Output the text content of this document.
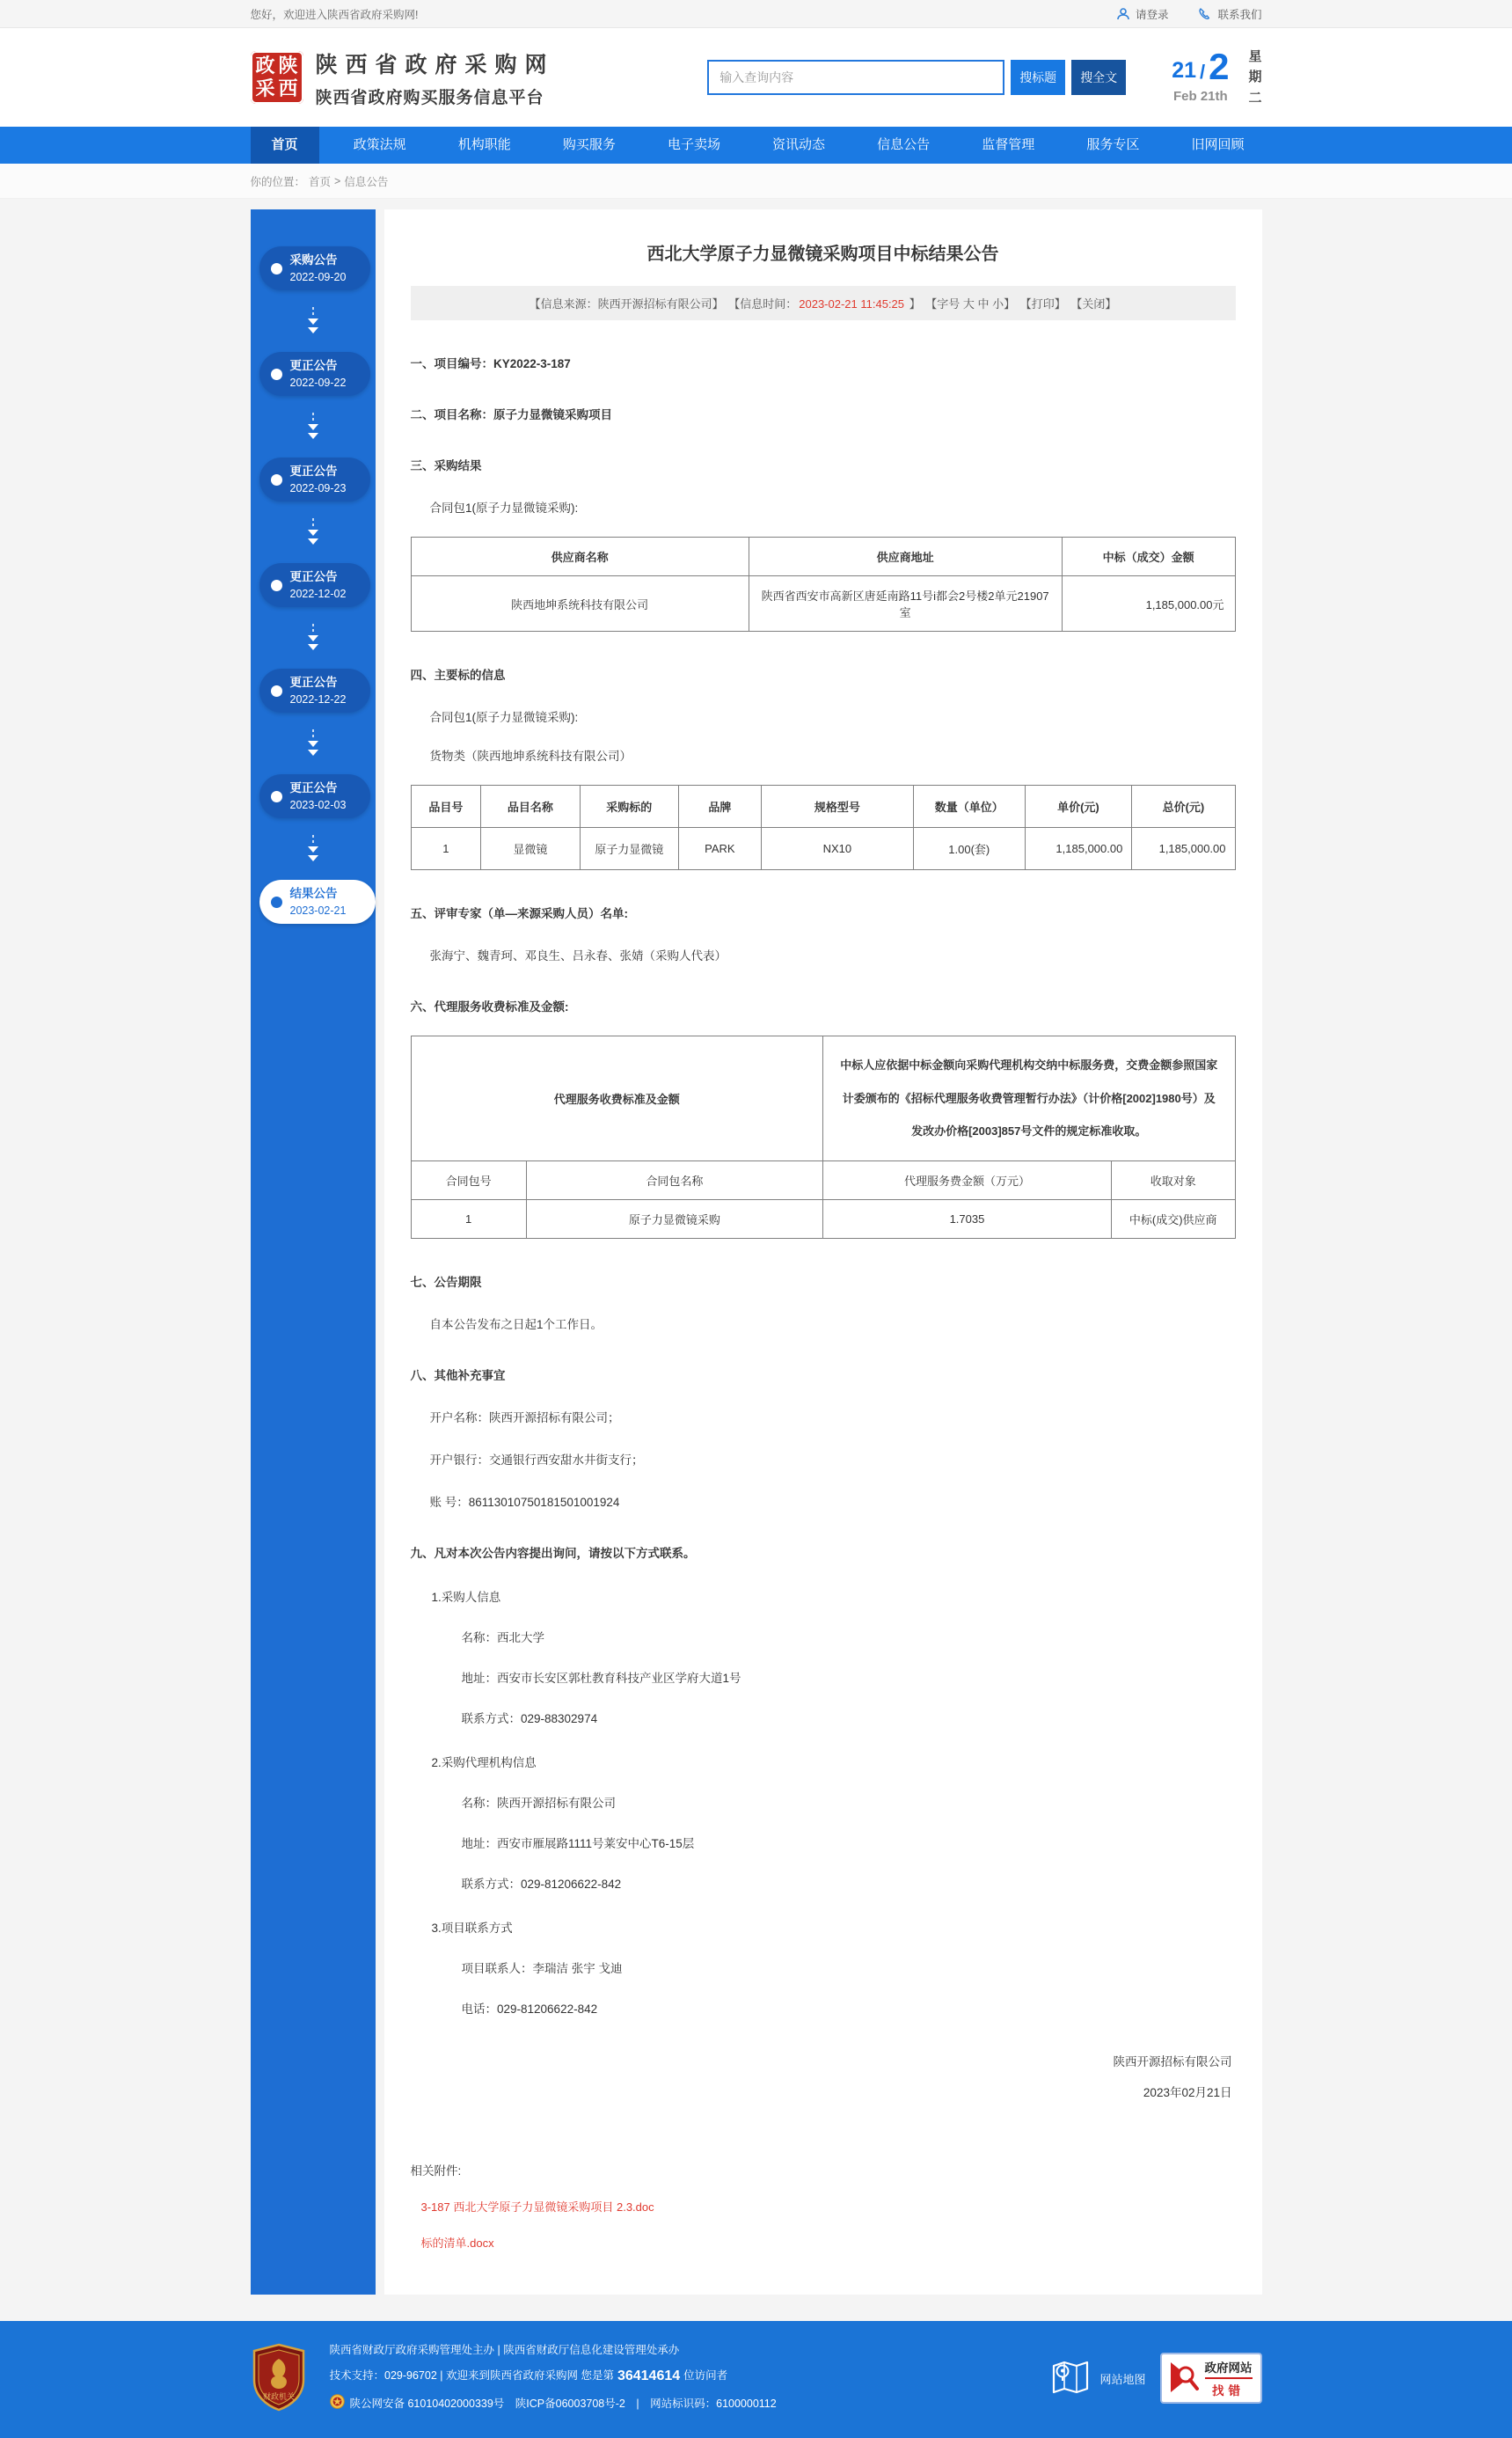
您好，欢迎进入陕西省政府采购网!	请登录	联系我们
政 陕
采 西
陕西省政府采购网
陕西省政府购买服务信息平台
输入查询内容
搜标题	搜全文	21 / 2
Feb 21th
星
期
二
首页	政策法规	机构职能	购买服务	电子卖场	资讯动态	信息公告	监督管理	服务专区	旧网回顾
你的位置： 首页 > 信息公告
采购公告
2022-09-20
更正公告
2022-09-22
更正公告
2022-09-23
更正公告
2022-12-02
更正公告
2022-12-22
更正公告
2023-02-03
结果公告
2023-02-21
西北大学原子力显微镜采购项目中标结果公告
【信息来源：陕西开源招标有限公司】 【信息时间： 2023-02-21 11:45:25 】 【字号 大 中 小】 【打印】 【关闭】
一、项目编号：KY2022-3-187
二、项目名称：原子力显微镜采购项目
三、采购结果
合同包1(原子力显微镜采购):
供应商名称	供应商地址	中标（成交）金额
陕西地坤系统科技有限公司	陕西省西安市高新区唐延南路11号i都会2号楼2单元21907室	1,185,000.00元
四、主要标的信息
合同包1(原子力显微镜采购):
货物类（陕西地坤系统科技有限公司）
品目号	品目名称	采购标的	品牌	规格型号	数量（单位）	单价(元)	总价(元)
1	显微镜	原子力显微镜	PARK	NX10	1.00(套)	1,185,000.00	1,185,000.00
五、评审专家（单—来源采购人员）名单:
张海宁、魏青珂、邓良生、吕永春、张婧（采购人代表）
六、代理服务收费标准及金额:
代理服务收费标准及金额		中标人应依据中标金额向采购代理机构交纳中标服务费，交费金额参照国家计委颁布的《招标代理服务收费管理暂行办法》（计价格[2002]1980号）及发改办价格[2003]857号文件的规定标准收取。	
合同包号	合同包名称	代理服务费金额（万元）	收取对象
1	原子力显微镜采购	1.7035	中标(成交)供应商
七、公告期限
自本公告发布之日起1个工作日。
八、其他补充事宜
开户名称：陕西开源招标有限公司；
开户银行：交通银行西安甜水井街支行；
账 号：86113010750181501001924
九、凡对本次公告内容提出询问，请按以下方式联系。
1.采购人信息
名称：西北大学
地址：西安市长安区郭杜教育科技产业区学府大道1号
联系方式：029-88302974
2.采购代理机构信息
名称：陕西开源招标有限公司
地址：西安市雁展路1111号莱安中心T6-15层
联系方式：029-81206622-842
3.项目联系方式
项目联系人：李瑞洁 张宇 戈迪
电话：029-81206622-842
陕西开源招标有限公司
2023年02月21日
相关附件:
3-187 西北大学原子力显微镜采购项目 2.3.doc
标的清单.docx
财政机关
陕西省财政厅政府采购管理处主办 | 陕西省财政厅信息化建设管理处承办
技术支持：029-96702 | 欢迎来到陕西省政府采购网 您是第 36414614 位访问者
陕公网安备 61010402000339号　陕ICP备06003708号-2　|　网站标识码：6100000112
网站地图
政府网站
找错
